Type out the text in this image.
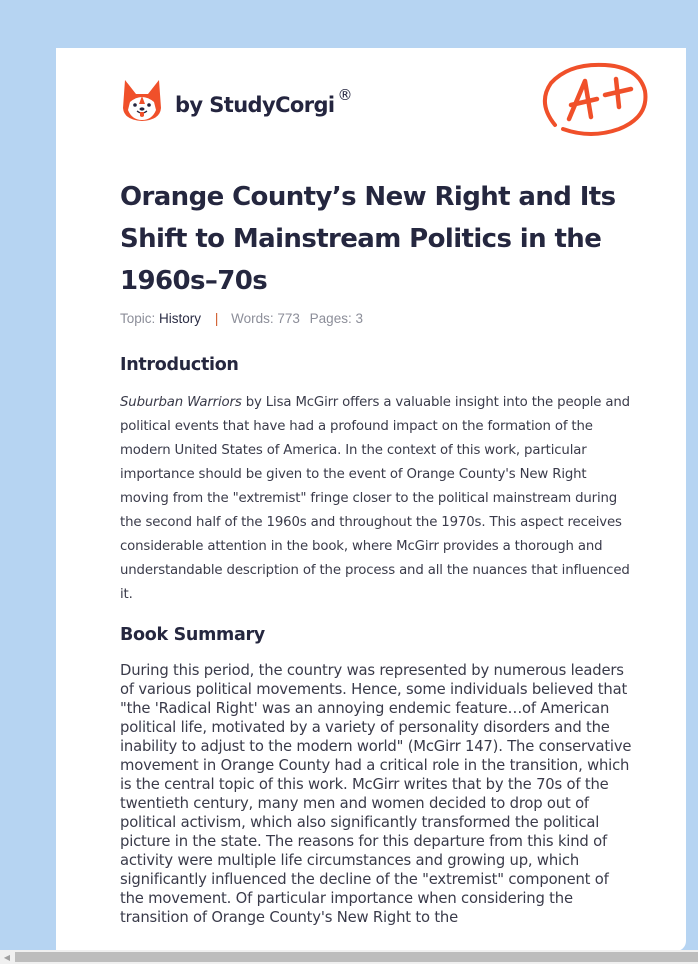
by StudyCorgi ®
Orange County’s New Right and Its Shift to Mainstream Politics in the 1960s–70s
Topic: History | Words: 773 Pages: 3
Introduction

Suburban Warriors by Lisa McGirr offers a valuable insight into the people and political events that have had a profound impact on the formation of the modern United States of America. In the context of this work, particular importance should be given to the event of Orange County's New Right moving from the "extremist" fringe closer to the political mainstream during the second half of the 1960s and throughout the 1970s. This aspect receives considerable attention in the book, where McGirr provides a thorough and understandable description of the process and all the nuances that influenced it.

Book Summary

During this period, the country was represented by numerous leaders of various political movements. Hence, some individuals believed that "the 'Radical Right' was an annoying endemic feature…of American political life, motivated by a variety of personality disorders and the inability to adjust to the modern world" (McGirr 147). The conservative movement in Orange County had a critical role in the transition, which is the central topic of this work. McGirr writes that by the 70s of the twentieth century, many men and women decided to drop out of political activism, which also significantly transformed the political picture in the state. The reasons for this departure from this kind of activity were multiple life circumstances and growing up, which significantly influenced the decline of the "extremist" component of the movement. Of particular importance when considering the transition of Orange County's New Right to the

◀
